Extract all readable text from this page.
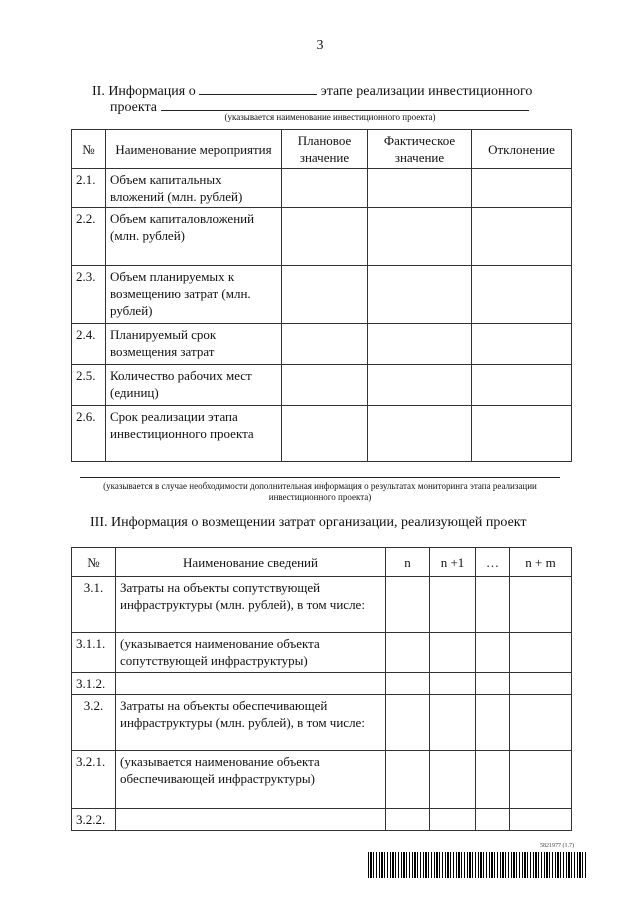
3
II. Информация о	этапе реализации инвестиционного
проекта
(указывается наименование инвестиционного проекта)
№	Наименование мероприятия	Плановое значение	Фактическое значение	Отклонение
2.1.	Объем капитальных вложений (млн. рублей)			
2.2.	Объем капиталовложений (млн. рублей)			
2.3.	Объем планируемых к возмещению затрат (млн. рублей)			
2.4.	Планируемый срок возмещения затрат			
2.5.	Количество рабочих мест (единиц)			
2.6.	Срок реализации этапа инвестиционного проекта			
(указывается в случае необходимости дополнительная информация о результатах мониторинга этапа реализации инвестиционного проекта)
III. Информация о возмещении затрат организации, реализующей проект
№	Наименование сведений	n	n +1	…	n + m
3.1.	Затраты на объекты сопутствующей инфраструктуры (млн. рублей), в том числе:				
3.1.1.	(указывается наименование объекта сопутствующей инфраструктуры)				
3.1.2.					
3.2.	Затраты на объекты обеспечивающей инфраструктуры (млн. рублей), в том числе:				
3.2.1.	(указывается наименование объекта обеспечивающей инфраструктуры)				
3.2.2.					
5821977 (1.7)
